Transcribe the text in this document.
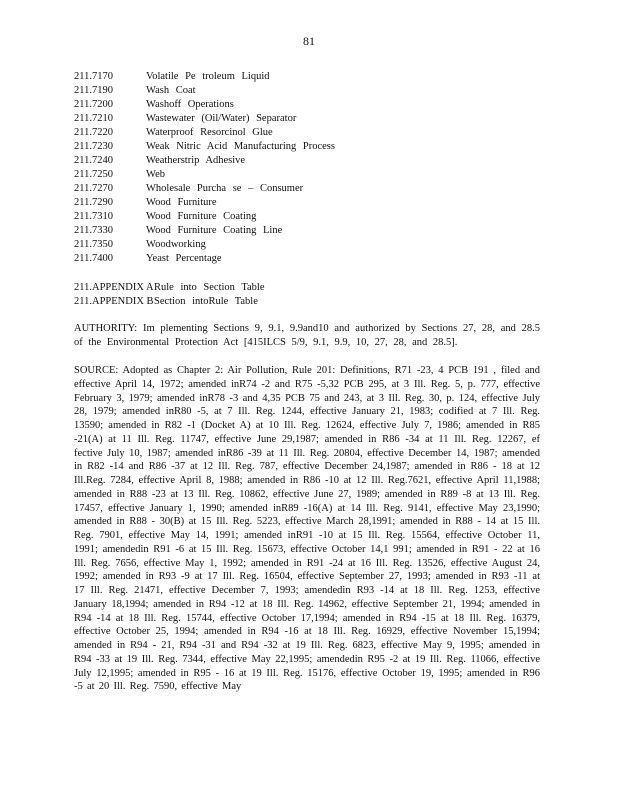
81
211.7170	Volatile Pe troleum Liquid
211.7190	Wash Coat
211.7200	Washoff Operations
211.7210	Wastewater (Oil/Water) Separator
211.7220	Waterproof Resorcinol Glue
211.7230	Weak Nitric Acid Manufacturing Process
211.7240	Weatherstrip Adhesive
211.7250	Web
211.7270	Wholesale Purcha se – Consumer
211.7290	Wood Furniture
211.7310	Wood Furniture Coating
211.7330	Wood Furniture Coating Line
211.7350	Woodworking
211.7400	Yeast Percentage
211.APPENDIX A Rule into Section Table
211.APPENDIX B Section intoRule Table
AUTHORITY: Im plementing Sections 9, 9.1, 9.9and10 and authorized by Sections 27, 28, and 28.5 of the Environmental Protection Act [415ILCS 5/9, 9.1, 9.9, 10, 27, 28, and 28.5].
SOURCE: Adopted as Chapter 2: Air Pollution, Rule 201: Definitions, R71 -23, 4 PCB 191 , filed and effective April 14, 1972; amended inR74 -2 and R75 -5,32 PCB 295, at 3 Ill. Reg. 5, p. 777, effective February 3, 1979; amended inR78 -3 and 4,35 PCB 75 and 243, at 3 Ill. Reg. 30, p. 124, effective July 28, 1979; amended inR80 -5, at 7 Ill. Reg. 1244, effective January 21, 1983; codified at 7 Ill. Reg. 13590; amended in R82 -1 (Docket A) at 10 Ill. Reg. 12624, effective July 7, 1986; amended in R85 -21(A) at 11 Ill. Reg. 11747, effective June 29,1987; amended in R86 -34 at 11 Ill. Reg. 12267, ef fective July 10, 1987; amended inR86 -39 at 11 Ill. Reg. 20804, effective December 14, 1987; amended in R82 -14 and R86 -37 at 12 Ill. Reg. 787, effective December 24,1987; amended in R86 - 18 at 12 Ill.Reg. 7284, effective April 8, 1988; amended in R86 -10 at 12 Ill. Reg.7621, effective April 11,1988; amended in R88 -23 at 13 Ill. Reg. 10862, effective June 27, 1989; amended in R89 -8 at 13 Ill. Reg. 17457, effective January 1, 1990; amended inR89 -16(A) at 14 Ill. Reg. 9141, effective May 23,1990; amended in R88 - 30(B) at 15 Ill. Reg. 5223, effective March 28,1991; amended in R88 - 14 at 15 Ill. Reg. 7901, effective May 14, 1991; amended inR91 -10 at 15 Ill. Reg. 15564, effective October 11, 1991; amendedin R91 -6 at 15 Ill. Reg. 15673, effective October 14,1 991; amended in R91 - 22 at 16 Ill. Reg. 7656, effective May 1, 1992; amended in R91 -24 at 16 Ill. Reg. 13526, effective August 24, 1992; amended in R93 -9 at 17 Ill. Reg. 16504, effective September 27, 1993; amended in R93 -11 at 17 Ill. Reg. 21471, effective December 7, 1993; amendedin R93 -14 at 18 Ill. Reg. 1253, effective January 18,1994; amended in R94 -12 at 18 Ill. Reg. 14962, effective September 21, 1994; amended in R94 -14 at 18 Ill. Reg. 15744, effective October 17,1994; amended in R94 -15 at 18 Ill. Reg. 16379, effective October 25, 1994; amended in R94 -16 at 18 Ill. Reg. 16929, effective November 15,1994; amended in R94 - 21, R94 -31 and R94 -32 at 19 Ill. Reg. 6823, effective May 9, 1995; amended in R94 -33 at 19 Ill. Reg. 7344, effective May 22,1995; amendedin R95 -2 at 19 Ill. Reg. 11066, effective July 12,1995; amended in R95 - 16 at 19 Ill. Reg. 15176, effective October 19, 1995; amended in R96 -5 at 20 Ill. Reg. 7590, effective May
